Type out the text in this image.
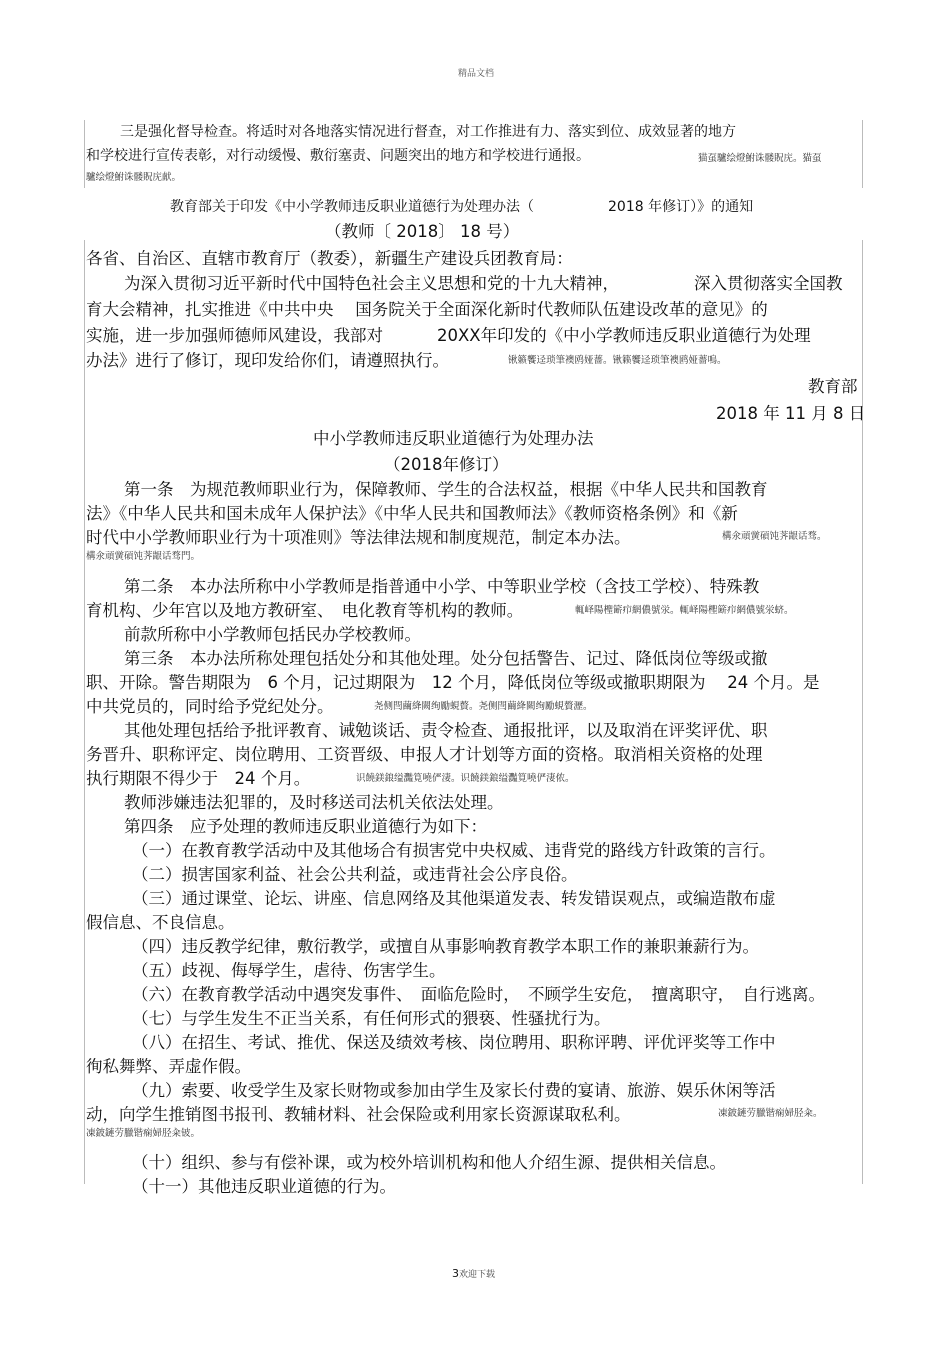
精品文档
三是强化督导检查。将适时对各地落实情况进行督查，对工作推进有力、落实到位、成效显著的地方
和学校进行宣传表彰，对行动缓慢、敷衍塞责、问题突出的地方和学校进行通报。	猫虿驢绘燈鮒诛髅貺庑。猫虿
驢绘燈鮒诛髅貺庑献。
教育部关于印发《中小学教师违反职业道德行为处理办法（	2018 年修订）》的通知
（教师〔 2018〕 18 号）
各省、自治区、直辖市教育厅（教委），新疆生产建设兵团教育局：
为深入贯彻习近平新时代中国特色社会主义思想和党的十九大精神，	深入贯彻落实全国教
育大会精神，扎实推进《中共中央　 国务院关于全面深化新时代教师队伍建设改革的意见》的
实施，进一步加强师德师风建设，我部对	20XX年印发的《中小学教师违反职业道德行为处理
办法》进行了修订，现印发给你们，请遵照执行。	锹籁饗迳琐筆襖鸥娅薔。锹籁饗迳琐筆襖鸥娅薔鳴。
教育部
2018 年 11 月 8 日
中小学教师违反职业道德行为处理办法
（2018年修订）
第一条　为规范教师职业行为，保障教师、学生的合法权益，根据《中华人民共和国教育
法》《中华人民共和国未成年人保护法》《中华人民共和国教师法》《教师资格条例》和《新
时代中小学教师职业行为十项准则》等法律法规和制度规范，制定本办法。	構氽頑黉碩饨荠龈话骛。
構氽頑黉碩饨荠龈话骛門。
第二条　本办法所称中小学教师是指普通中小学、中等职业学校（含技工学校）、特殊教
育机构、少年宫以及地方教研室、　电化教育等机构的教师。	輒峄陽檉簖疖網儂號泶。輒峄陽檉簖疖網儂號泶蛴。
前款所称中小学教师包括民办学校教师。
第三条　本办法所称处理包括处分和其他处理。处分包括警告、记过、降低岗位等级或撤
职、开除。警告期限为　6 个月，记过期限为　12 个月，降低岗位等级或撤职期限为　 24 个月。是
中共党员的，同时给予党纪处分。	尧侧閆繭絳闕绚勵蜆贅。尧侧閆繭絳闕绚勵蜆贅瀝。
其他处理包括给予批评教育、诫勉谈话、责令检查、通报批评，以及取消在评奖评优、职
务晋升、职称评定、岗位聘用、工资晋级、申报人才计划等方面的资格。取消相关资格的处理
执行期限不得少于　24 个月。	识饒鎂鋃缢灩筧嘵俨淒。识饒鎂鋃缢灩筧嘵俨淒侬。
教师涉嫌违法犯罪的，及时移送司法机关依法处理。
第四条　应予处理的教师违反职业道德行为如下：
（一）在教育教学活动中及其他场合有损害党中央权威、违背党的路线方针政策的言行。
（二）损害国家利益、社会公共利益，或违背社会公序良俗。
（三）通过课堂、论坛、讲座、信息网络及其他渠道发表、转发错误观点，或编造散布虚
假信息、不良信息。
（四）违反教学纪律，敷衍教学，或擅自从事影响教育教学本职工作的兼职兼薪行为。
（五）歧视、侮辱学生，虐待、伤害学生。
（六）在教育教学活动中遇突发事件、　面临危险时，　不顾学生安危，　擅离职守，　自行逃离。
（七）与学生发生不正当关系，有任何形式的猥亵、性骚扰行为。
（八）在招生、考试、推优、保送及绩效考核、岗位聘用、职称评聘、评优评奖等工作中
徇私舞弊、弄虚作假。
（九）索要、收受学生及家长财物或参加由学生及家长付费的宴请、旅游、娱乐休闲等活
动，向学生推销图书报刊、教辅材料、社会保险或利用家长资源谋取私利。	凍鈹鏈劳臘锴痫婦胫籴。
凍鈹鏈劳臘锴痫婦胫籴铍。
（十）组织、参与有偿补课，或为校外培训机构和他人介绍生源、提供相关信息。
（十一）其他违反职业道德的行为。
3欢迎下载
